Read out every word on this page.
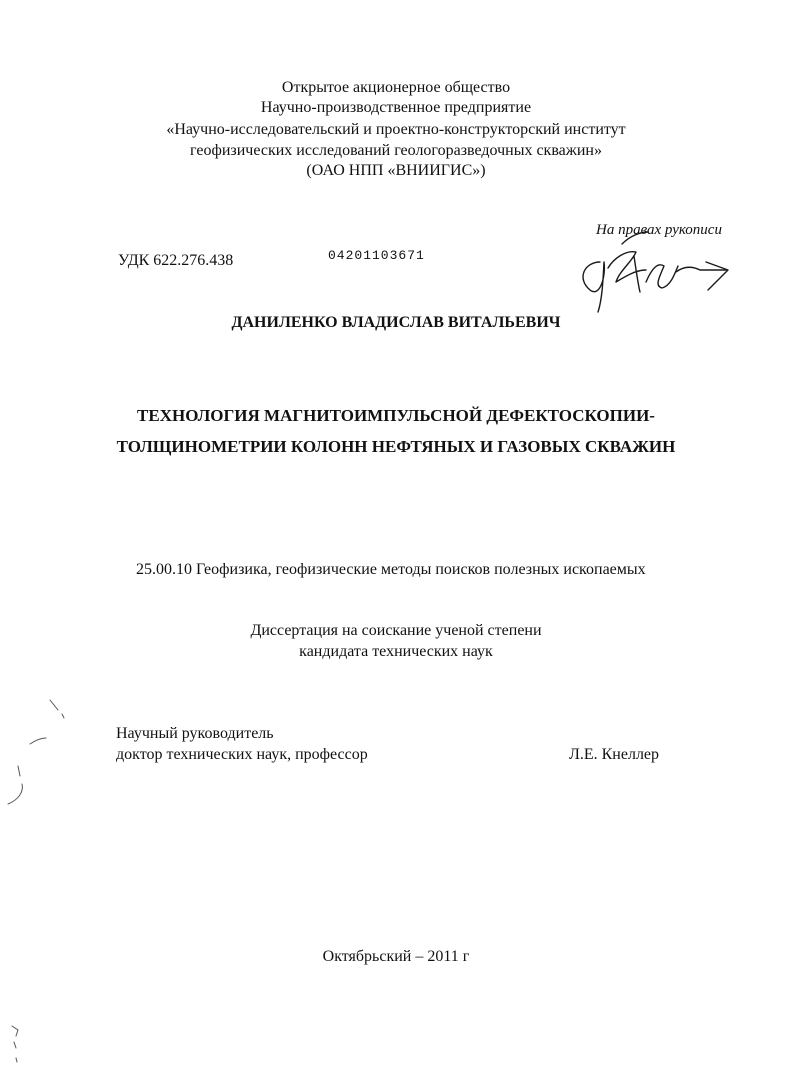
Открытое акционерное общество
Научно-производственное предприятие
«Научно-исследовательский и проектно-конструкторский институт
геофизических исследований геологоразведочных скважин»
(ОАО НПП «ВНИИГИС»)
На правах рукописи
УДК 622.276.438	04201103671
ДАНИЛЕНКО ВЛАДИСЛАВ ВИТАЛЬЕВИЧ
ТЕХНОЛОГИЯ МАГНИТОИМПУЛЬСНОЙ ДЕФЕКТОСКОПИИ-
ТОЛЩИНОМЕТРИИ КОЛОНН НЕФТЯНЫХ И ГАЗОВЫХ СКВАЖИН
25.00.10 Геофизика, геофизические методы поисков полезных ископаемых
Диссертация на соискание ученой степени
кандидата технических наук
Научный руководитель
доктор технических наук, профессор	Л.Е. Кнеллер
Октябрьский – 2011 г
